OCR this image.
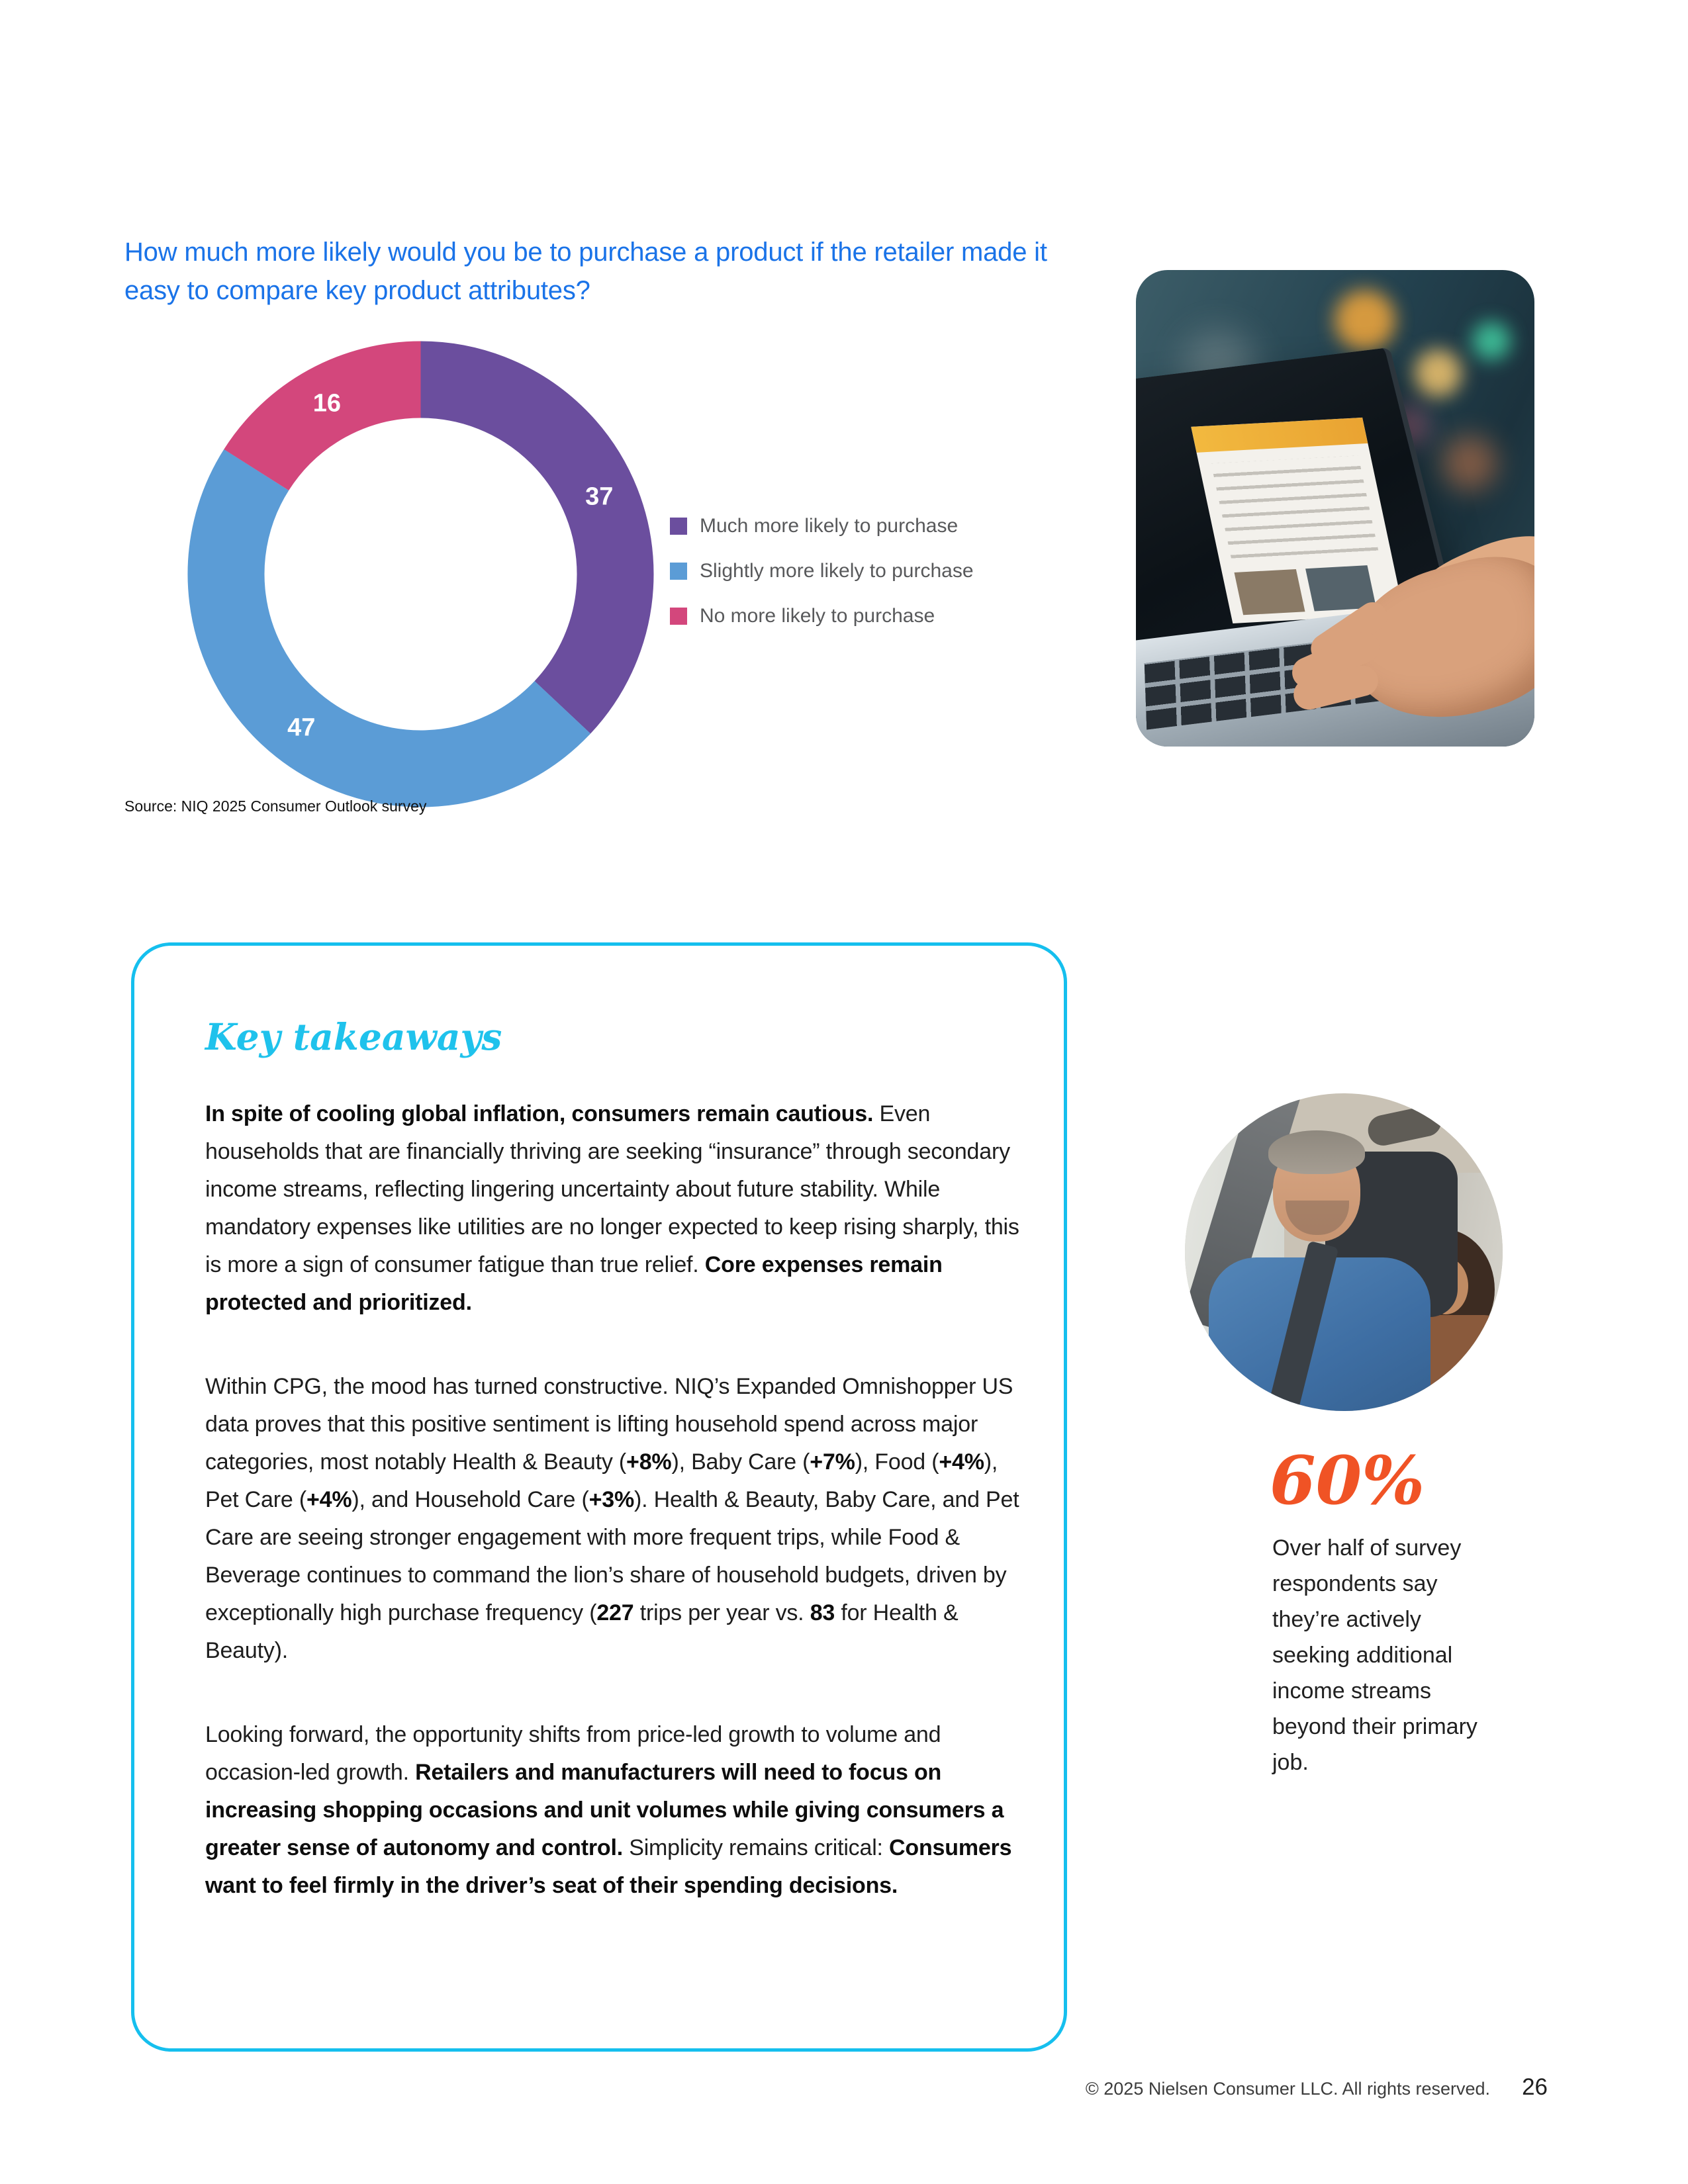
How much more likely would you be to purchase a product if the retailer made it easy to compare key product attributes?
37
47
16
Much more likely to purchase
Slightly more likely to purchase
No more likely to purchase
Source: NIQ 2025 Consumer Outlook survey
Key takeaways

In spite of cooling global inflation, consumers remain cautious. Even households that are financially thriving are seeking “insurance” through secondary income streams, reflecting lingering uncertainty about future stability. While mandatory expenses like utilities are no longer expected to keep rising sharply, this is more a sign of consumer fatigue than true relief. Core expenses remain protected and prioritized.

Within CPG, the mood has turned constructive. NIQ’s Expanded Omnishopper US data proves that this positive sentiment is lifting household spend across major categories, most notably Health & Beauty (+8%), Baby Care (+7%), Food (+4%), Pet Care (+4%), and Household Care (+3%). Health & Beauty, Baby Care, and Pet Care are seeing stronger engagement with more frequent trips, while Food & Beverage continues to command the lion’s share of household budgets, driven by exceptionally high purchase frequency (227 trips per year vs. 83 for Health & Beauty).

Looking forward, the opportunity shifts from price-led growth to volume and occasion-led growth. Retailers and manufacturers will need to focus on increasing shopping occasions and unit volumes while giving consumers a greater sense of autonomy and control. Simplicity remains critical: Consumers want to feel firmly in the driver’s seat of their spending decisions.

60%
Over half of survey respondents say they’re actively seeking additional income streams beyond their primary job.
© 2025 Nielsen Consumer LLC. All rights reserved. 26
